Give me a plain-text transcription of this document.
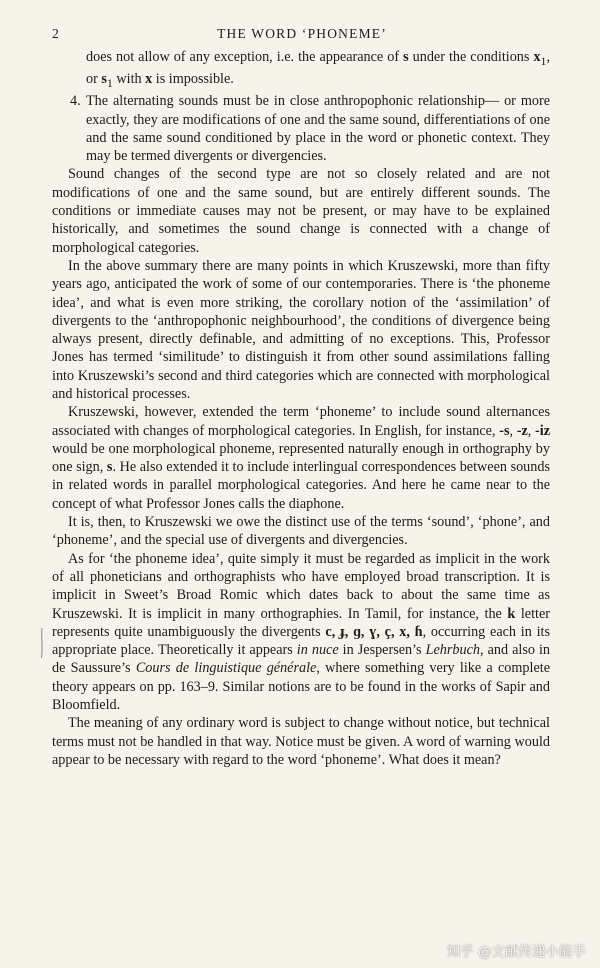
2	THE WORD ‘PHONEME’

does not allow of any exception, i.e. the appearance of s under the conditions $x_1$, or $s_1$ with x is impossible.

4. The alternating sounds must be in close anthropophonic relationship— or more exactly, they are modifications of one and the same sound, differentiations of one and the same sound conditioned by place in the word or phonetic context. They may be termed divergents or divergencies.

Sound changes of the second type are not so closely related and are not modifications of one and the same sound, but are entirely different sounds. The conditions or immediate causes may not be present, or may have to be explained historically, and sometimes the sound change is connected with a change of morphological categories.

In the above summary there are many points in which Kruszewski, more than fifty years ago, anticipated the work of some of our contemporaries. There is ‘the phoneme idea’, and what is even more striking, the corollary notion of the ‘assimilation’ of divergents to the ‘anthropophonic neighbourhood’, the conditions of divergence being always present, directly definable, and admitting of no exceptions. This, Professor Jones has termed ‘similitude’ to distinguish it from other sound assimilations falling into Kruszewski’s second and third categories which are connected with morphological and historical processes.

Kruszewski, however, extended the term ‘phoneme’ to include sound alternances associated with changes of morphological categories. In English, for instance, -s, -z, -iz would be one morphological phoneme, represented naturally enough in orthography by one sign, s. He also extended it to include interlingual correspondences between sounds in related words in parallel morphological categories. And here he came near to the concept of what Professor Jones calls the diaphone.

It is, then, to Kruszewski we owe the distinct use of the terms ‘sound’, ‘phone’, and ‘phoneme’, and the special use of divergents and divergencies.

As for ‘the phoneme idea’, quite simply it must be regarded as implicit in the work of all phoneticians and orthographists who have employed broad transcription. It is implicit in Sweet’s Broad Romic which dates back to about the same time as Kruszewski. It is implicit in many orthographies. In Tamil, for instance, the k letter represents quite unambiguously the divergents c, ɟ, ɡ, ɣ, ç, x, ɦ, occurring each in its appropriate place. Theoretically it appears in nuce in Jespersen’s Lehrbuch, and also in de Saussure’s Cours de linguistique générale, where something very like a complete theory appears on pp. 163–9. Similar notions are to be found in the works of Sapir and Bloomfield.

The meaning of any ordinary word is subject to change without notice, but technical terms must not be handled in that way. Notice must be given. A word of warning would appear to be necessary with regard to the word ‘phoneme’. What does it mean?

知乎 @文献传递小能手
